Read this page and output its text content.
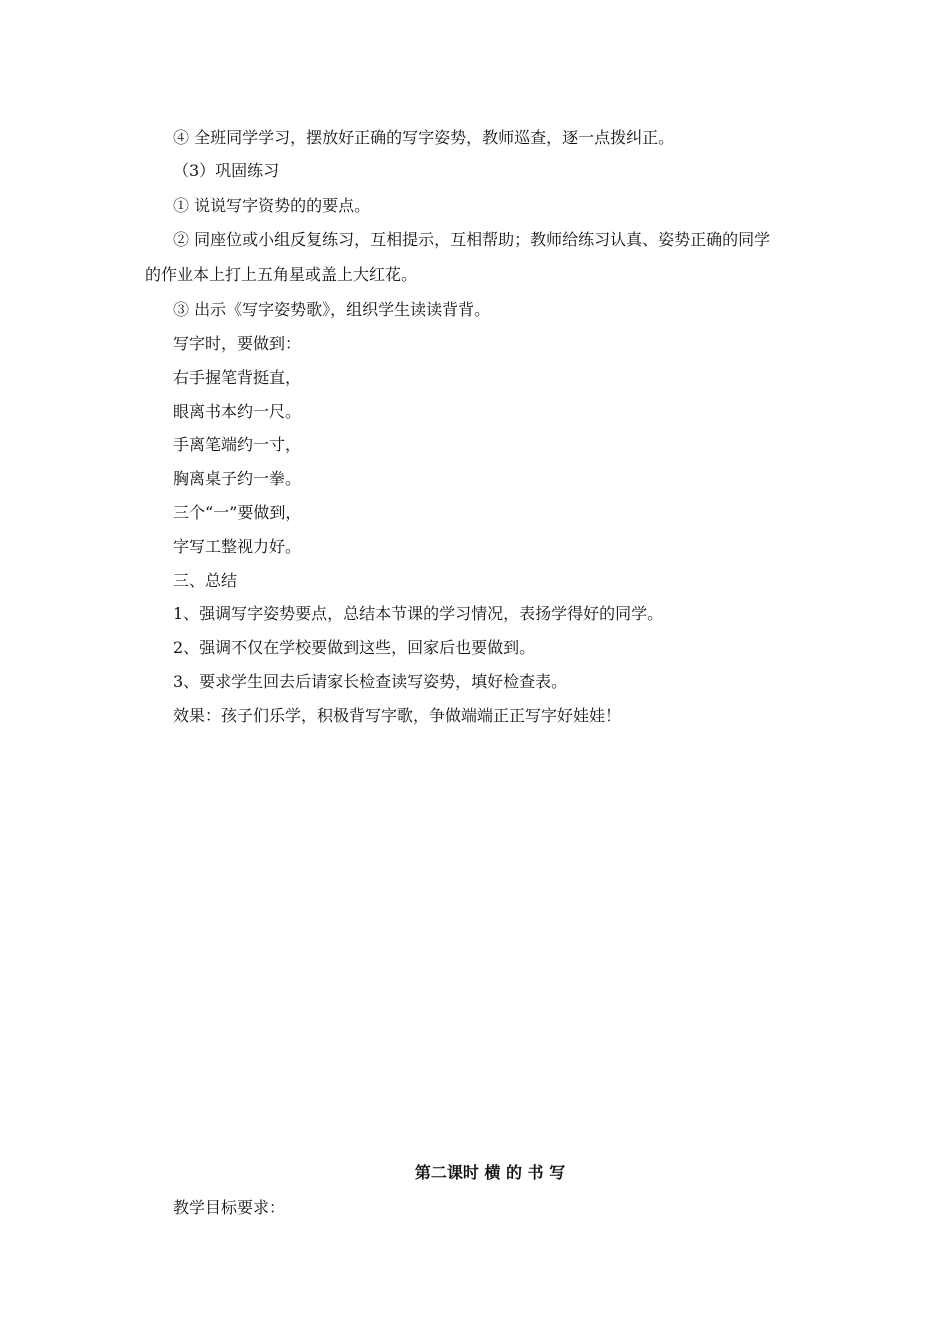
④ 全班同学学习，摆放好正确的写字姿势，教师巡查，逐一点拨纠正。
（3）巩固练习
① 说说写字资势的的要点。
② 同座位或小组反复练习，互相提示，互相帮助；教师给练习认真、姿势正确的同学
的作业本上打上五角星或盖上大红花。
③ 出示《写字姿势歌》，组织学生读读背背。
写字时，要做到：
右手握笔背挺直，
眼离书本约一尺。
手离笔端约一寸，
胸离桌子约一拳。
三个“一”要做到，
字写工整视力好。
三、总结
1、强调写字姿势要点，总结本节课的学习情况，表扬学得好的同学。
2、强调不仅在学校要做到这些，回家后也要做到。
3、要求学生回去后请家长检查读写姿势，填好检查表。
效果：孩子们乐学，积极背写字歌，争做端端正正写字好娃娃！
第二课时 横 的 书 写
教学目标要求：
